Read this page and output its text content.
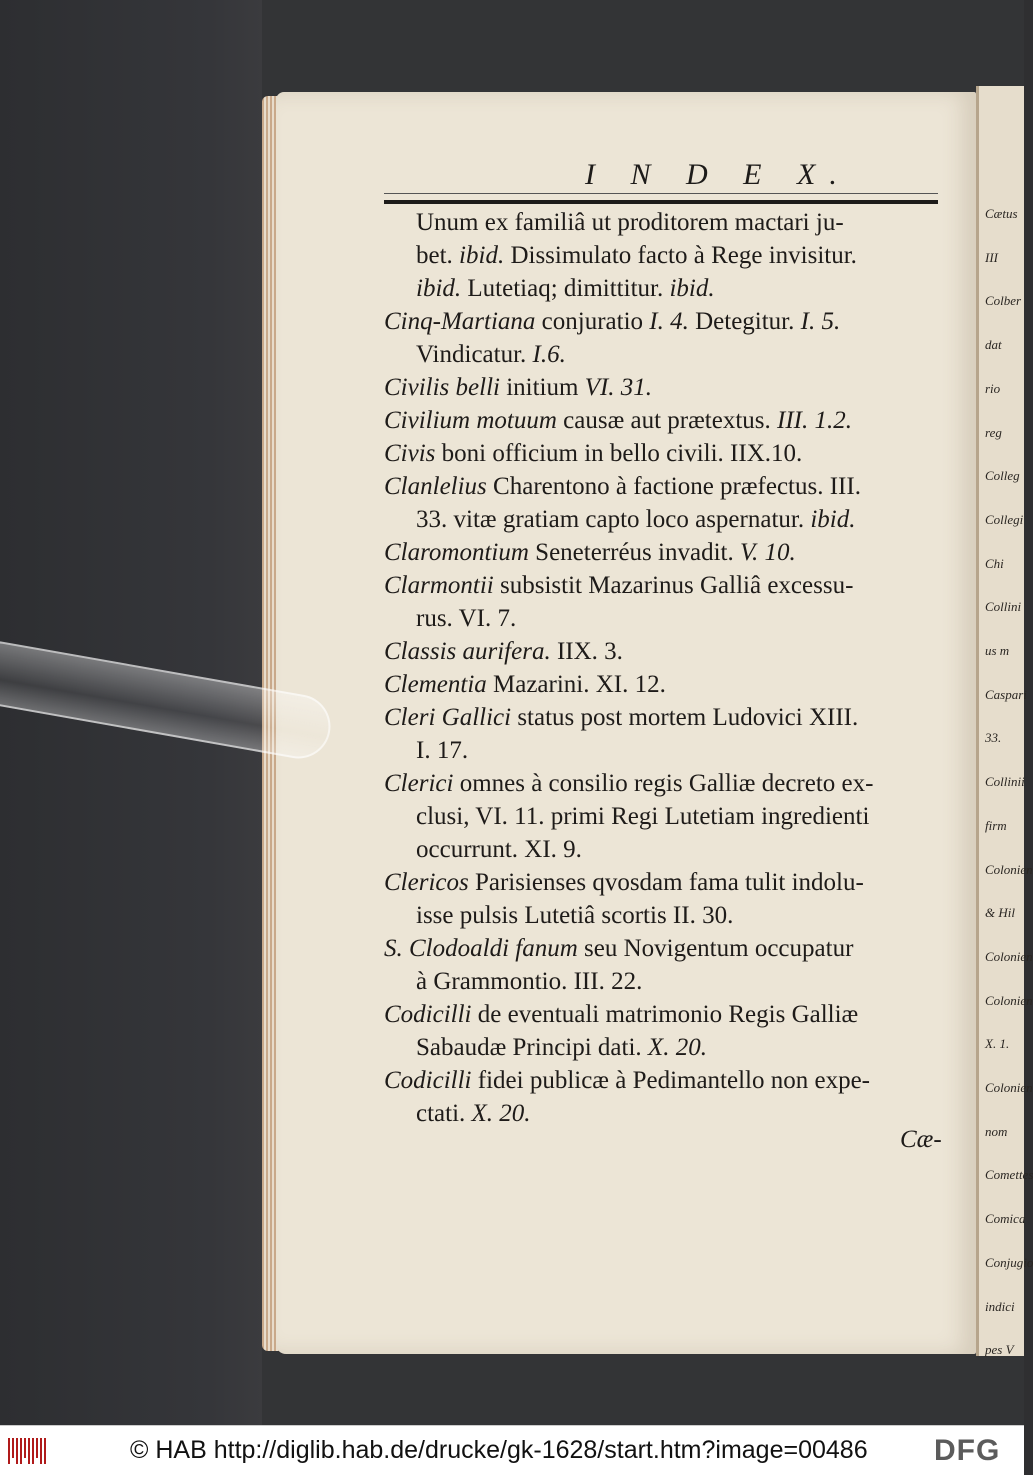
Cætus
III
Colber
dat
rio
reg
Colleg
Collegi
Chi
Collini
us m
Caspari
33.
Collinii
firm
Colonien
& Hil
Colonien
Colonien
X. 1.
Colonien
nom
Comettes
Comica
Conjugio
indici
pes V
I N D E X.
Unum ex familiâ ut proditorem mactari ju-
bet. ibid. Dissimulato facto à Rege invisitur.
ibid. Lutetiaq; dimittitur. ibid.
Cinq-Martiana conjuratio I. 4. Detegitur. I. 5.
Vindicatur. I.6.
Civilis belli initium VI. 31.
Civilium motuum causæ aut prætextus. III. 1.2.
Civis boni officium in bello civili. IIX.10.
Clanlelius Charentono à factione præfectus. III.
33. vitæ gratiam capto loco aspernatur. ibid.
Claromontium Seneterréus invadit. V. 10.
Clarmontii subsistit Mazarinus Galliâ excessu-
rus. VI. 7.
Classis aurifera. IIX. 3.
Clementia Mazarini. XI. 12.
Cleri Gallici status post mortem Ludovici XIII.
I. 17.
Clerici omnes à consilio regis Galliæ decreto ex-
clusi, VI. 11. primi Regi Lutetiam ingredienti
occurrunt. XI. 9.
Clericos Parisienses qvosdam fama tulit indolu-
isse pulsis Lutetiâ scortis II. 30.
S. Clodoaldi fanum seu Novigentum occupatur
à Grammontio. III. 22.
Codicilli de eventuali matrimonio Regis Galliæ
Sabaudæ Principi dati. X. 20.
Codicilli fidei publicæ à Pedimantello non expe-
ctati. X. 20.
Cæ-
© HAB http://diglib.hab.de/drucke/gk-1628/start.htm?image=00486 DFG
